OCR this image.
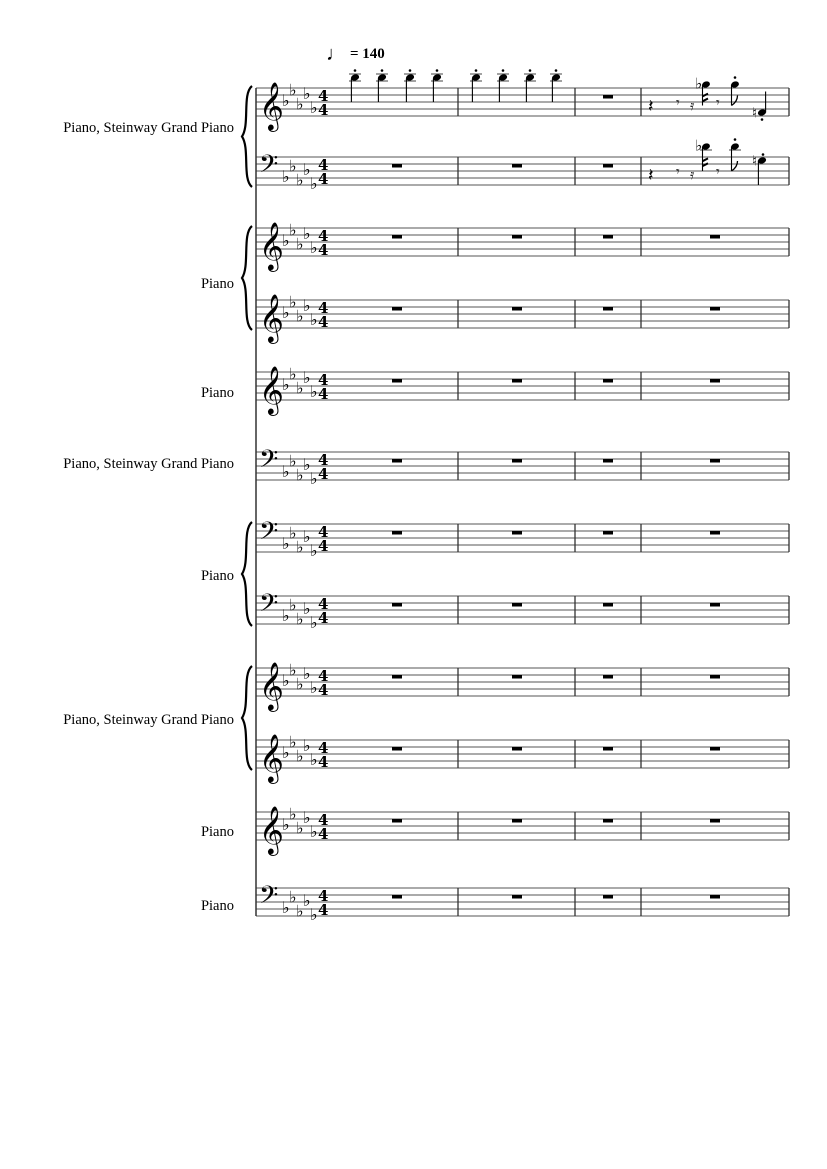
♩ = 140
Piano, Steinway Grand Piano
Piano
Piano
Piano, Steinway Grand Piano
Piano
Piano, Steinway Grand Piano
Piano
Piano
𝄞
♭
♭
♭
♭
♭
4
4
𝄢 ♭
♭
♭
♭
♭
4
4
𝄞
♭
♭
♭
♭
♭
4
4
𝄞
♭
♭
♭
♭
♭
4
4
𝄞
♭
♭
♭
♭
♭
4
4
𝄢 ♭
♭
♭
♭
♭
4
4
𝄢 ♭
♭
♭
♭
♭
4
4
𝄢 ♭
♭
♭
♭
♭
4
4
𝄞
♭
♭
♭
♭
♭
4
4
𝄞
♭
♭
♭
♭
♭
4
4
𝄞
♭
♭
♭
♭
♭
4
4
𝄢 ♭
♭
♭
♭
♭
4
4
𝄽 𝄾 𝄿 𝄾
𝄽 𝄾 𝄿 𝄾
♭
♮
♭
♮
